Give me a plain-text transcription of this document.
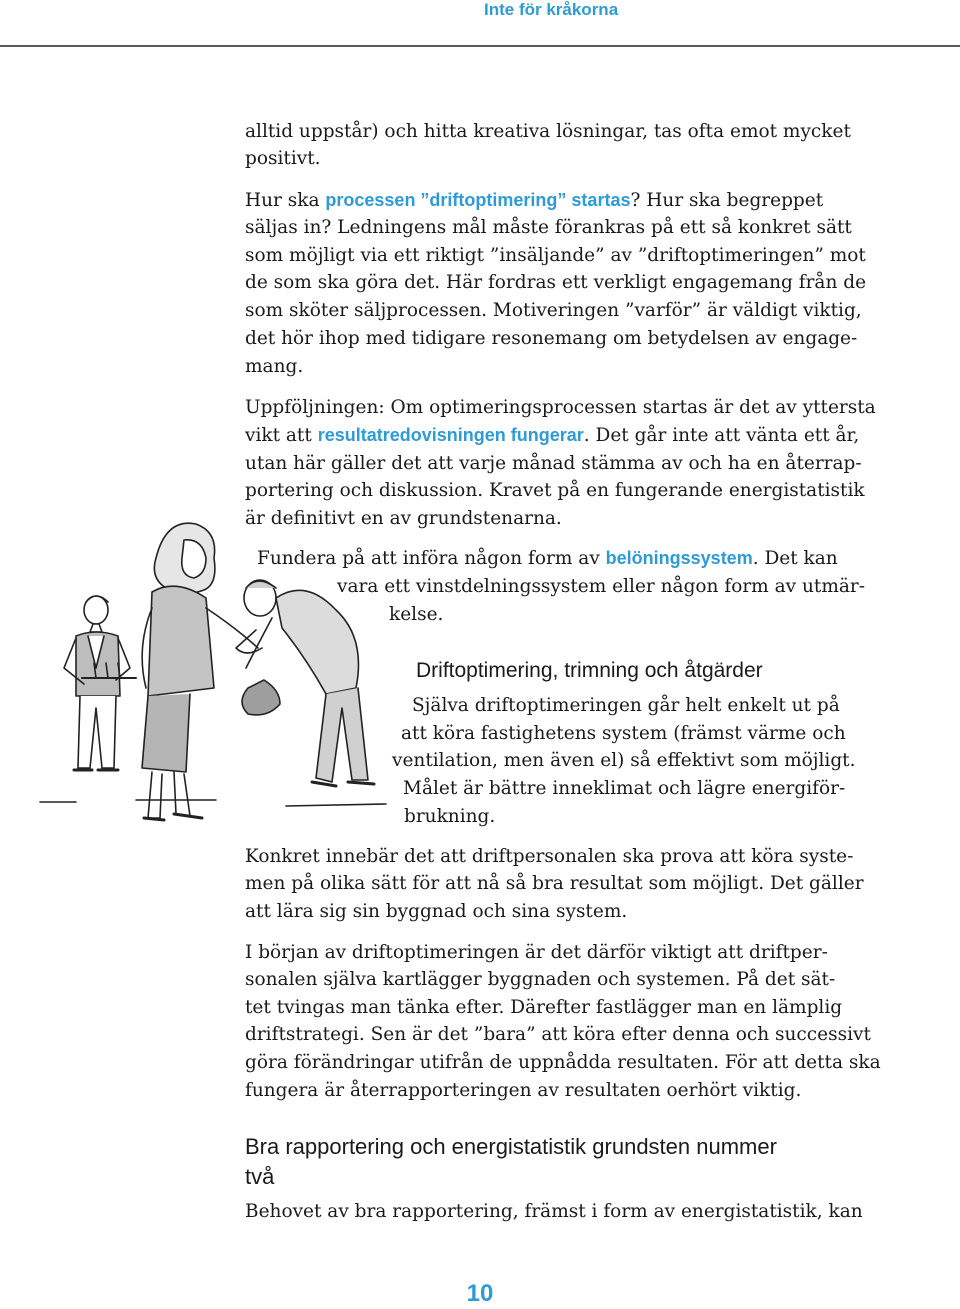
Inte för kråkorna
alltid uppstår) och hitta kreativa lösningar, tas ofta emot mycket
positivt.
Hur ska processen ”driftoptimering” startas? Hur ska begreppet
säljas in? Ledningens mål måste förankras på ett så konkret sätt
som möjligt via ett riktigt ”insäljande” av ”driftoptimeringen” mot
de som ska göra det. Här fordras ett verkligt engagemang från de
som sköter säljprocessen. Motiveringen ”varför” är väldigt viktig,
det hör ihop med tidigare resonemang om betydelsen av engage-
mang.
Uppföljningen: Om optimeringsprocessen startas är det av yttersta
vikt att resultatredovisningen fungerar. Det går inte att vänta ett år,
utan här gäller det att varje månad stämma av och ha en återrap-
portering och diskussion. Kravet på en fungerande energistatistik
är definitivt en av grundstenarna.
Fundera på att införa någon form av belöningssystem. Det kan
vara ett vinstdelningssystem eller någon form av utmär-
kelse.
Driftoptimering, trimning och åtgärder
Själva driftoptimeringen går helt enkelt ut på
att köra fastighetens system (främst värme och
ventilation, men även el) så effektivt som möjligt.
Målet är bättre inneklimat och lägre energiför-
brukning.
Konkret innebär det att driftpersonalen ska prova att köra syste-
men på olika sätt för att nå så bra resultat som möjligt. Det gäller
att lära sig sin byggnad och sina system.
I början av driftoptimeringen är det därför viktigt att driftper-
sonalen själva kartlägger byggnaden och systemen. På det sät-
tet tvingas man tänka efter. Därefter fastlägger man en lämplig
driftstrategi. Sen är det ”bara” att köra efter denna och successivt
göra förändringar utifrån de uppnådda resultaten. För att detta ska
fungera är återrapporteringen av resultaten oerhört viktig.
Bra rapportering och energistatistik grundsten nummer
två
Behovet av bra rapportering, främst i form av energistatistik, kan
10
